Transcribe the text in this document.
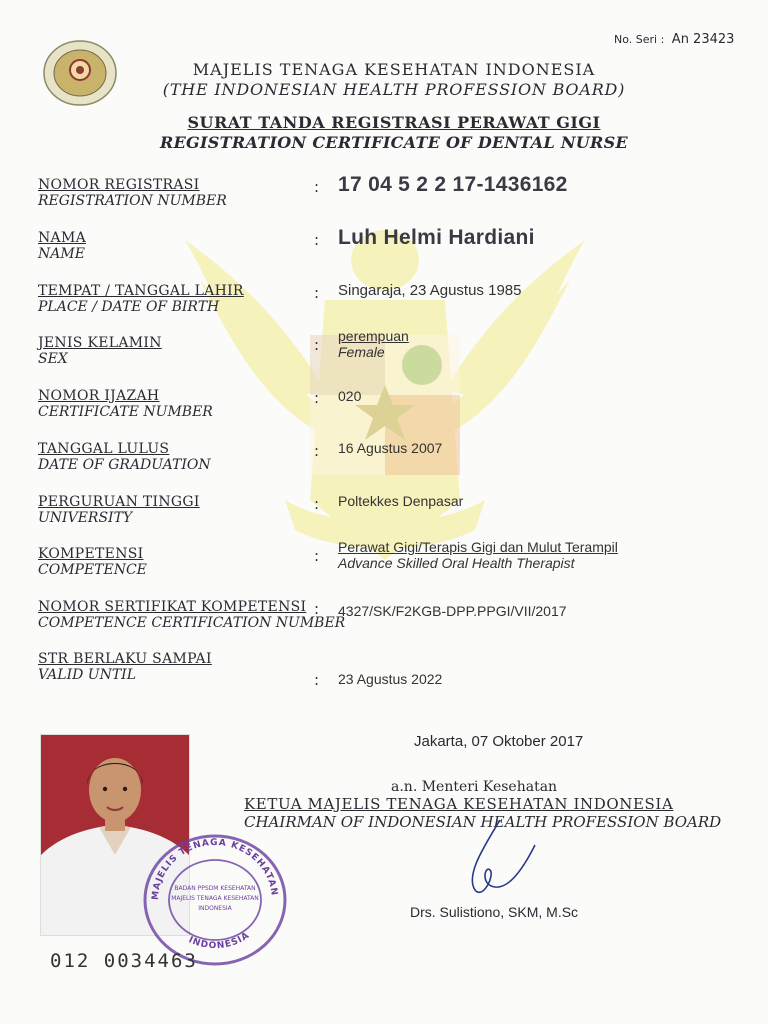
No. Seri : An 23423
MAJELIS TENAGA KESEHATAN INDONESIA
(THE INDONESIAN HEALTH PROFESSION BOARD)
SURAT TANDA REGISTRASI PERAWAT GIGI
REGISTRATION CERTIFICATE OF DENTAL NURSE
NOMOR REGISTRASI
REGISTRATION NUMBER
: 17 04 5 2 2 17-1436162
NAMA
NAME
: Luh Helmi Hardiani
TEMPAT / TANGGAL LAHIR
PLACE / DATE OF BIRTH
: Singaraja, 23 Agustus 1985
JENIS KELAMIN
SEX
: perempuan
Female
NOMOR IJAZAH
CERTIFICATE NUMBER
: 020
TANGGAL LULUS
DATE OF GRADUATION
: 16 Agustus 2007
PERGURUAN TINGGI
UNIVERSITY
: Poltekkes Denpasar
KOMPETENSI
COMPETENCE
: Perawat Gigi/Terapis Gigi dan Mulut Terampil
Advance Skilled Oral Health Therapist
NOMOR SERTIFIKAT KOMPETENSI
COMPETENCE CERTIFICATION NUMBER
: 4327/SK/F2KGB-DPP.PPGI/VII/2017
STR BERLAKU SAMPAI
VALID UNTIL	: 23 Agustus 2022
Jakarta, 07 Oktober 2017
a.n. Menteri Kesehatan
KETUA MAJELIS TENAGA KESEHATAN INDONESIA
CHAIRMAN OF INDONESIAN HEALTH PROFESSION BOARD
Drs. Sulistiono, SKM, M.Sc
MAJELIS TENAGA KESEHATAN
INDONESIA
BADAN PPSDM KESEHATAN
MAJELIS TENAGA KESEHATAN
INDONESIA
012 0034463
